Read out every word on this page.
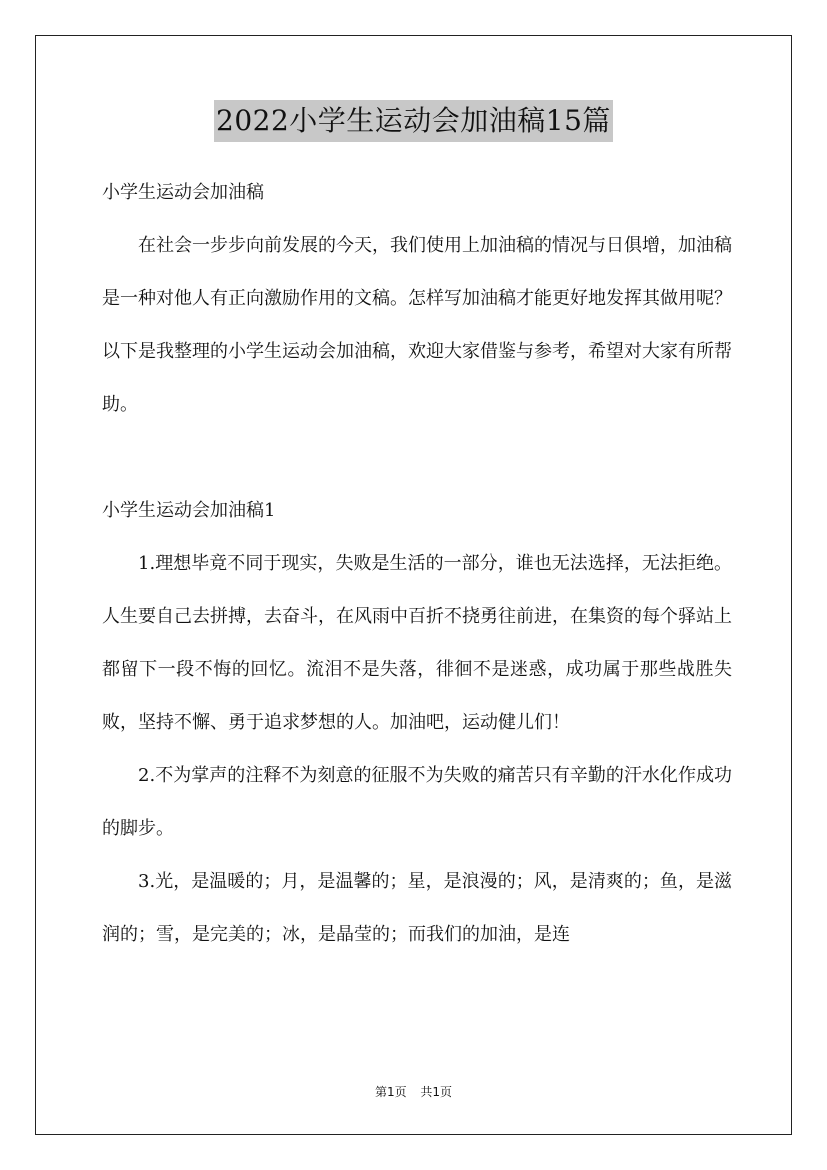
2022小学生运动会加油稿15篇

小学生运动会加油稿

在社会一步步向前发展的今天，我们使用上加油稿的情况与日俱增，加油稿是一种对他人有正向激励作用的文稿。怎样写加油稿才能更好地发挥其做用呢？以下是我整理的小学生运动会加油稿，欢迎大家借鉴与参考，希望对大家有所帮助。

小学生运动会加油稿1

1.理想毕竟不同于现实，失败是生活的一部分，谁也无法选择，无法拒绝。人生要自己去拼搏，去奋斗，在风雨中百折不挠勇往前进，在集资的每个驿站上都留下一段不悔的回忆。流泪不是失落，徘徊不是迷惑，成功属于那些战胜失败，坚持不懈、勇于追求梦想的人。加油吧，运动健儿们！

2.不为掌声的注释不为刻意的征服不为失败的痛苦只有辛勤的汗水化作成功的脚步。

3.光，是温暖的；月，是温馨的；星，是浪漫的；风，是清爽的；鱼，是滋润的；雪，是完美的；冰，是晶莹的；而我们的加油，是连

第1页 共1页
